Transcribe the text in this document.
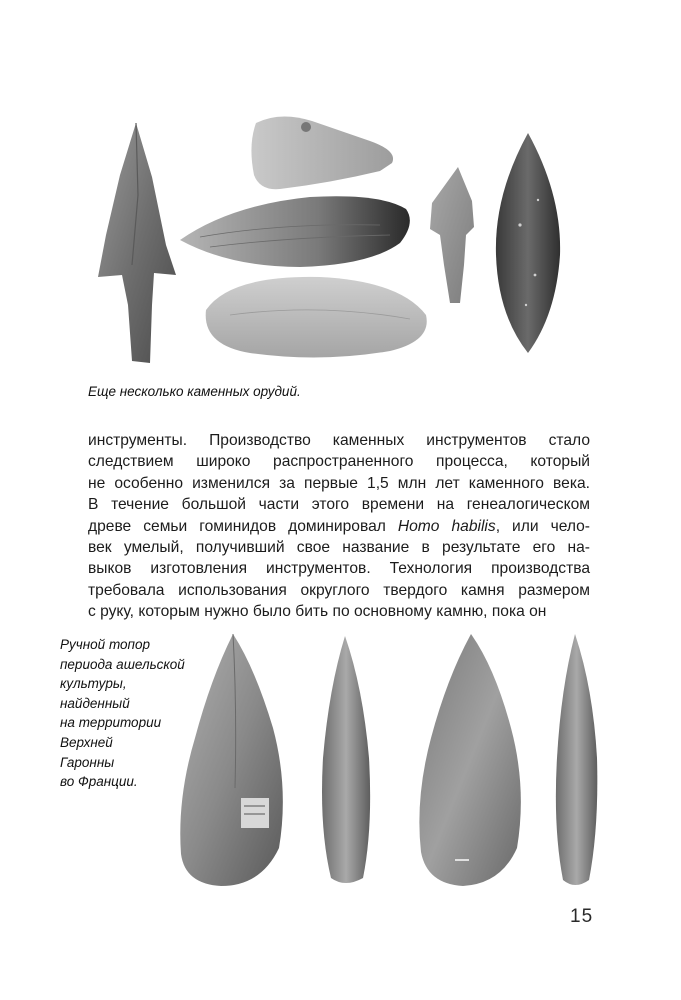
Еще несколько каменных орудий.
инструменты. Производство каменных инструментов стало
следствием широко распространенного процесса, который
не особенно изменился за первые 1,5 млн лет каменного века.
В течение большой части этого времени на генеалогическом
древе семьи гоминидов доминировал Homo habilis, или чело-
век умелый, получивший свое название в результате его на-
выков изготовления инструментов. Технология производства
требовала использования округлого твердого камня размером
с руку, которым нужно было бить по основному камню, пока он
Ручной топор
периода ашельской
культуры,
найденный
на территории
Верхней
Гаронны
во Франции.
15
